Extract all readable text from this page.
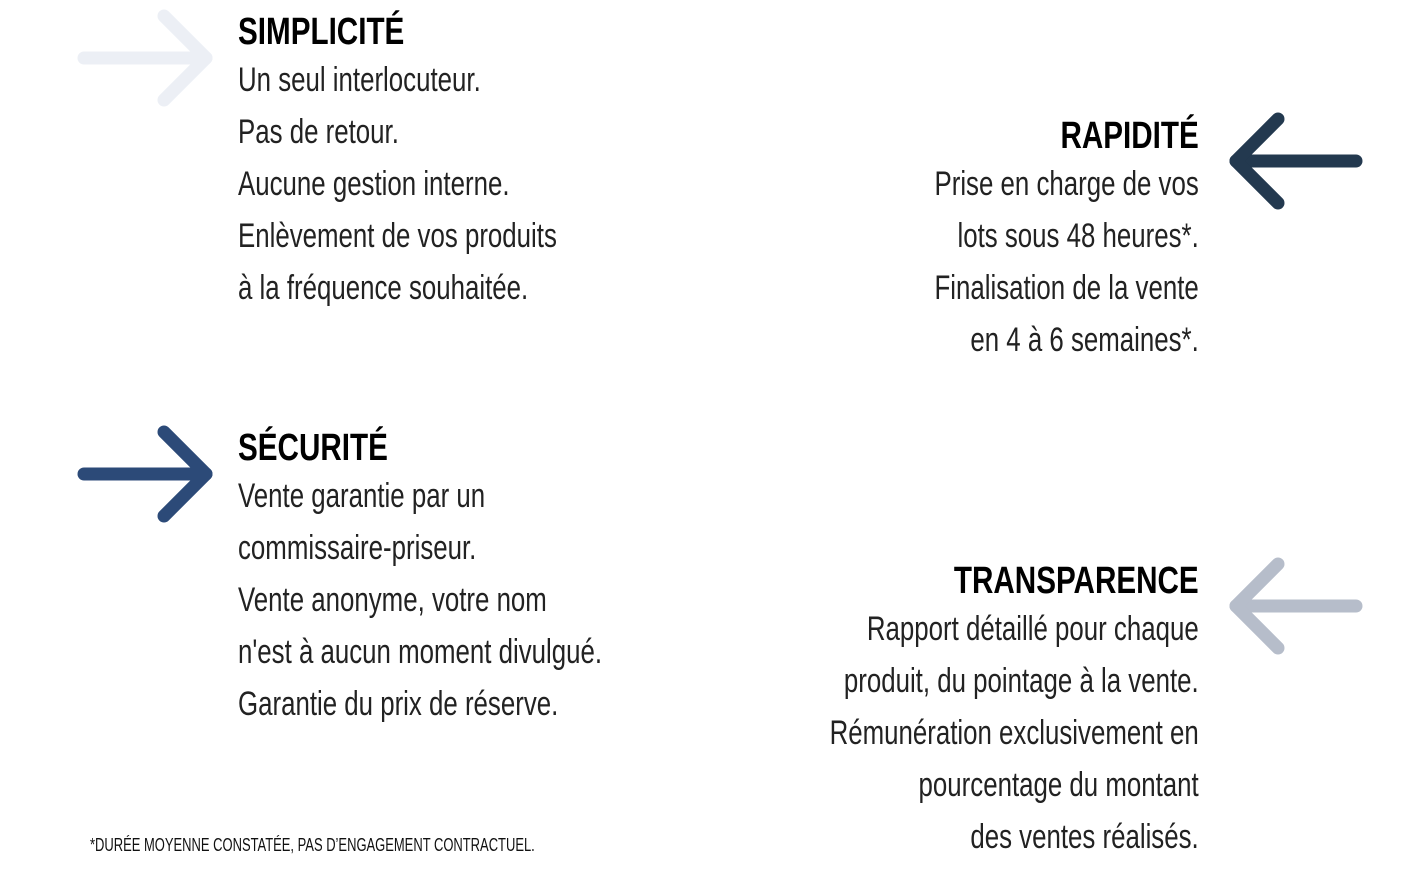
SIMPLICITÉ
Un seul interlocuteur.
Pas de retour.
Aucune gestion interne.
Enlèvement de vos produits
à la fréquence souhaitée.
RAPIDITÉ
Prise en charge de vos
lots sous 48 heures*.
Finalisation de la vente
en 4 à 6 semaines*.
SÉCURITÉ
Vente garantie par un
commissaire-priseur.
Vente anonyme, votre nom
n'est à aucun moment divulgué.
Garantie du prix de réserve.
TRANSPARENCE
Rapport détaillé pour chaque
produit, du pointage à la vente.
Rémunération exclusivement en
pourcentage du montant
des ventes réalisés.
*DURÉE MOYENNE CONSTATÉE, PAS D’ENGAGEMENT CONTRACTUEL.
